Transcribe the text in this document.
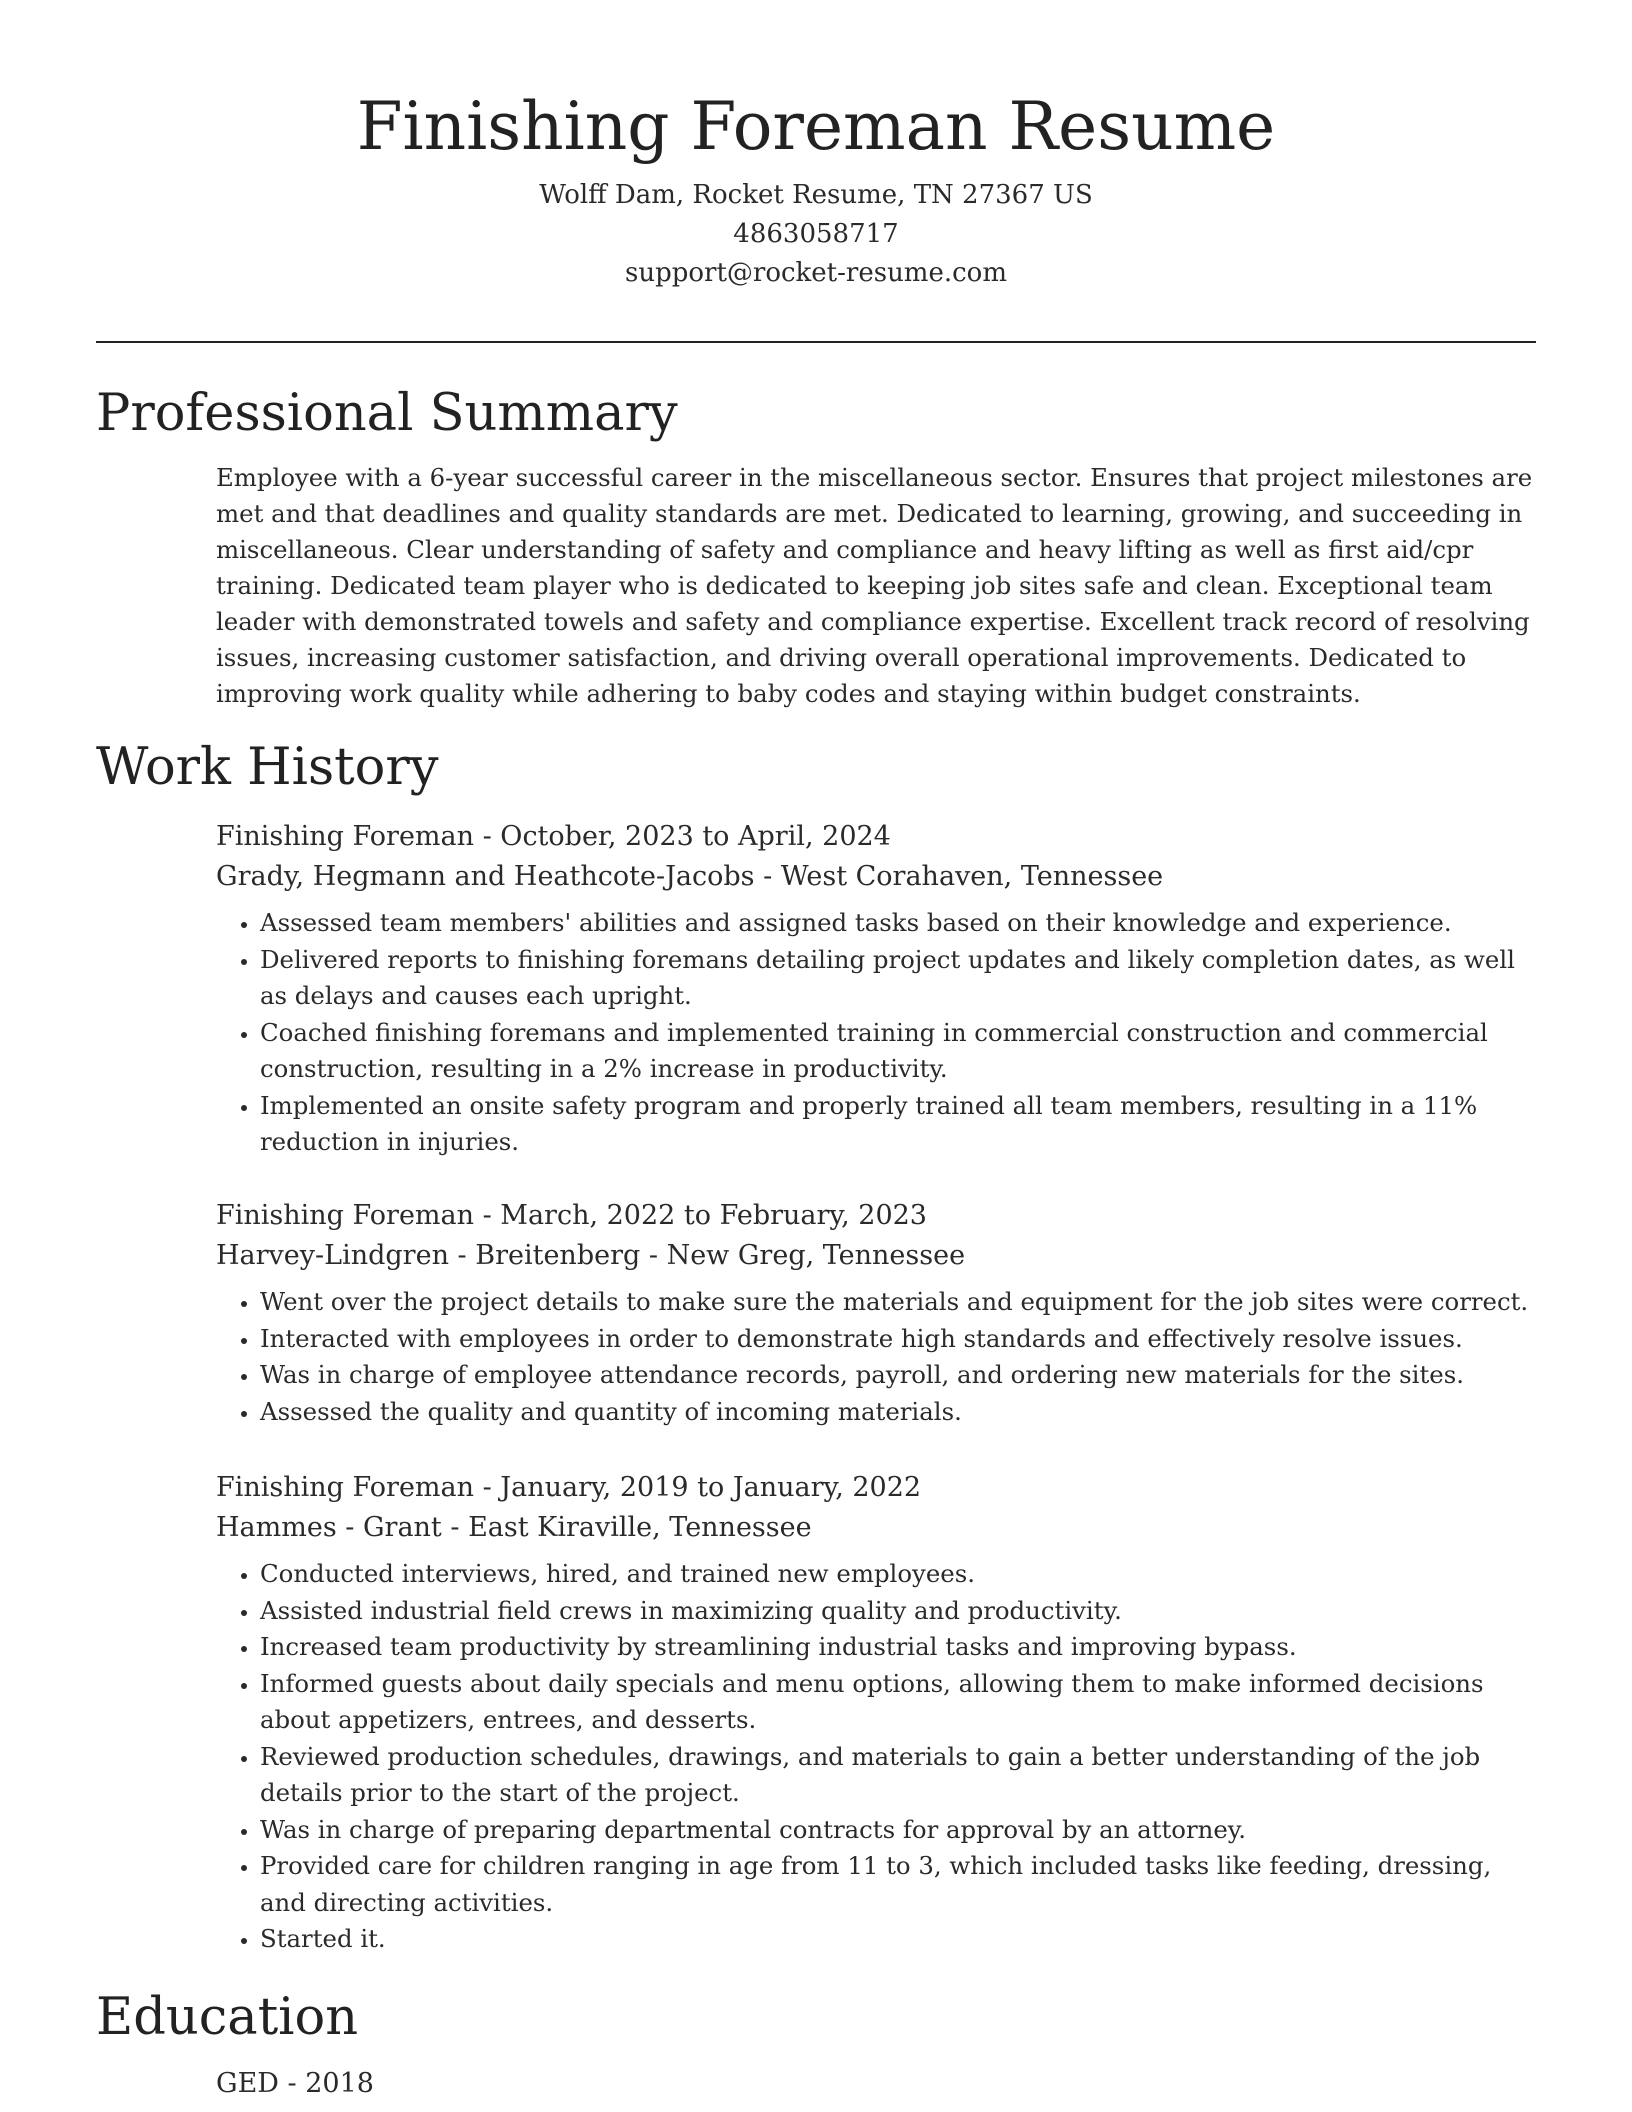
Finishing Foreman Resume
Wolff Dam, Rocket Resume, TN 27367 US
4863058717
support@rocket-resume.com
Professional Summary
Employee with a 6-year successful career in the miscellaneous sector. Ensures that project milestones are met and that deadlines and quality standards are met. Dedicated to learning, growing, and succeeding in miscellaneous. Clear understanding of safety and compliance and heavy lifting as well as first aid/cpr training. Dedicated team player who is dedicated to keeping job sites safe and clean. Exceptional team leader with demonstrated towels and safety and compliance expertise. Excellent track record of resolving issues, increasing customer satisfaction, and driving overall operational improvements. Dedicated to improving work quality while adhering to baby codes and staying within budget constraints.
Work History
Finishing Foreman - October, 2023 to April, 2024
Grady, Hegmann and Heathcote-Jacobs - West Corahaven, Tennessee
• Assessed team members' abilities and assigned tasks based on their knowledge and experience.
• Delivered reports to finishing foremans detailing project updates and likely completion dates, as well as delays and causes each upright.
• Coached finishing foremans and implemented training in commercial construction and commercial construction, resulting in a 2% increase in productivity.
• Implemented an onsite safety program and properly trained all team members, resulting in a 11% reduction in injuries.
Finishing Foreman - March, 2022 to February, 2023
Harvey-Lindgren - Breitenberg - New Greg, Tennessee
• Went over the project details to make sure the materials and equipment for the job sites were correct.
• Interacted with employees in order to demonstrate high standards and effectively resolve issues.
• Was in charge of employee attendance records, payroll, and ordering new materials for the sites.
• Assessed the quality and quantity of incoming materials.
Finishing Foreman - January, 2019 to January, 2022
Hammes - Grant - East Kiraville, Tennessee
• Conducted interviews, hired, and trained new employees.
• Assisted industrial field crews in maximizing quality and productivity.
• Increased team productivity by streamlining industrial tasks and improving bypass.
• Informed guests about daily specials and menu options, allowing them to make informed decisions about appetizers, entrees, and desserts.
• Reviewed production schedules, drawings, and materials to gain a better understanding of the job details prior to the start of the project.
• Was in charge of preparing departmental contracts for approval by an attorney.
• Provided care for children ranging in age from 11 to 3, which included tasks like feeding, dressing, and directing activities.
• Started it.
Education
GED - 2018
